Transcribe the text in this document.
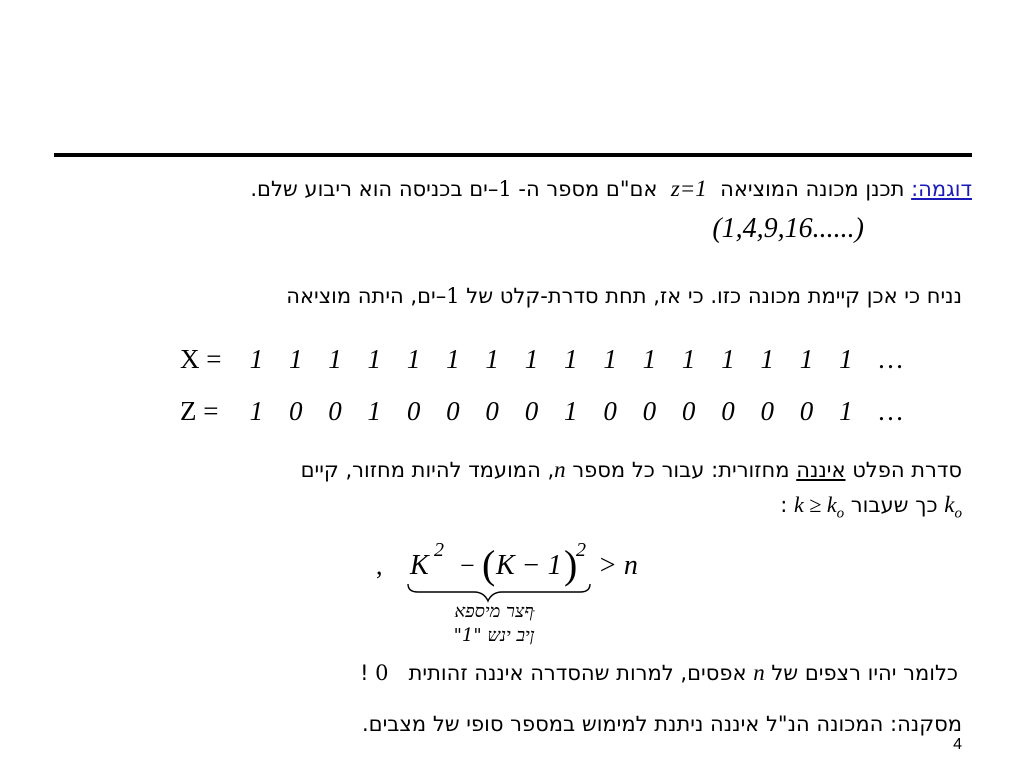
דוגמה: תכנן מכונה המוציאה  z=1  אם"ם מספר ה- 1–ים בכניסה הוא ריבוע שלם.
(1,4,9,16......)
נניח כי אכן קיימת מכונה כזו. כי אז, תחת סדרת-קלט של 1–ים, היתה מוציאה
X = 1 1 1 1 1 1 1 1 1 1 1 1 1 1 1 1 …
Z = 1 0 0 1 0 0 0 0 1 0 0 0 0 0 0 1 …
סדרת הפלט איננה מחזורית: עבור כל מספר n, המועמד להיות מחזור, קיים
$k_o$ כך שעבור $k \ge k_o$ :
, K 2
− ( K − 1 )
2 > n
ּףצר מיספא
ןיב ינש "1"
כלומר יהיו רצפים של n אפסים, למרות שהסדרה איננה זהותית   0 !
מסקנה: המכונה הנ"ל איננה ניתנת למימוש במספר סופי של מצבים.
4
